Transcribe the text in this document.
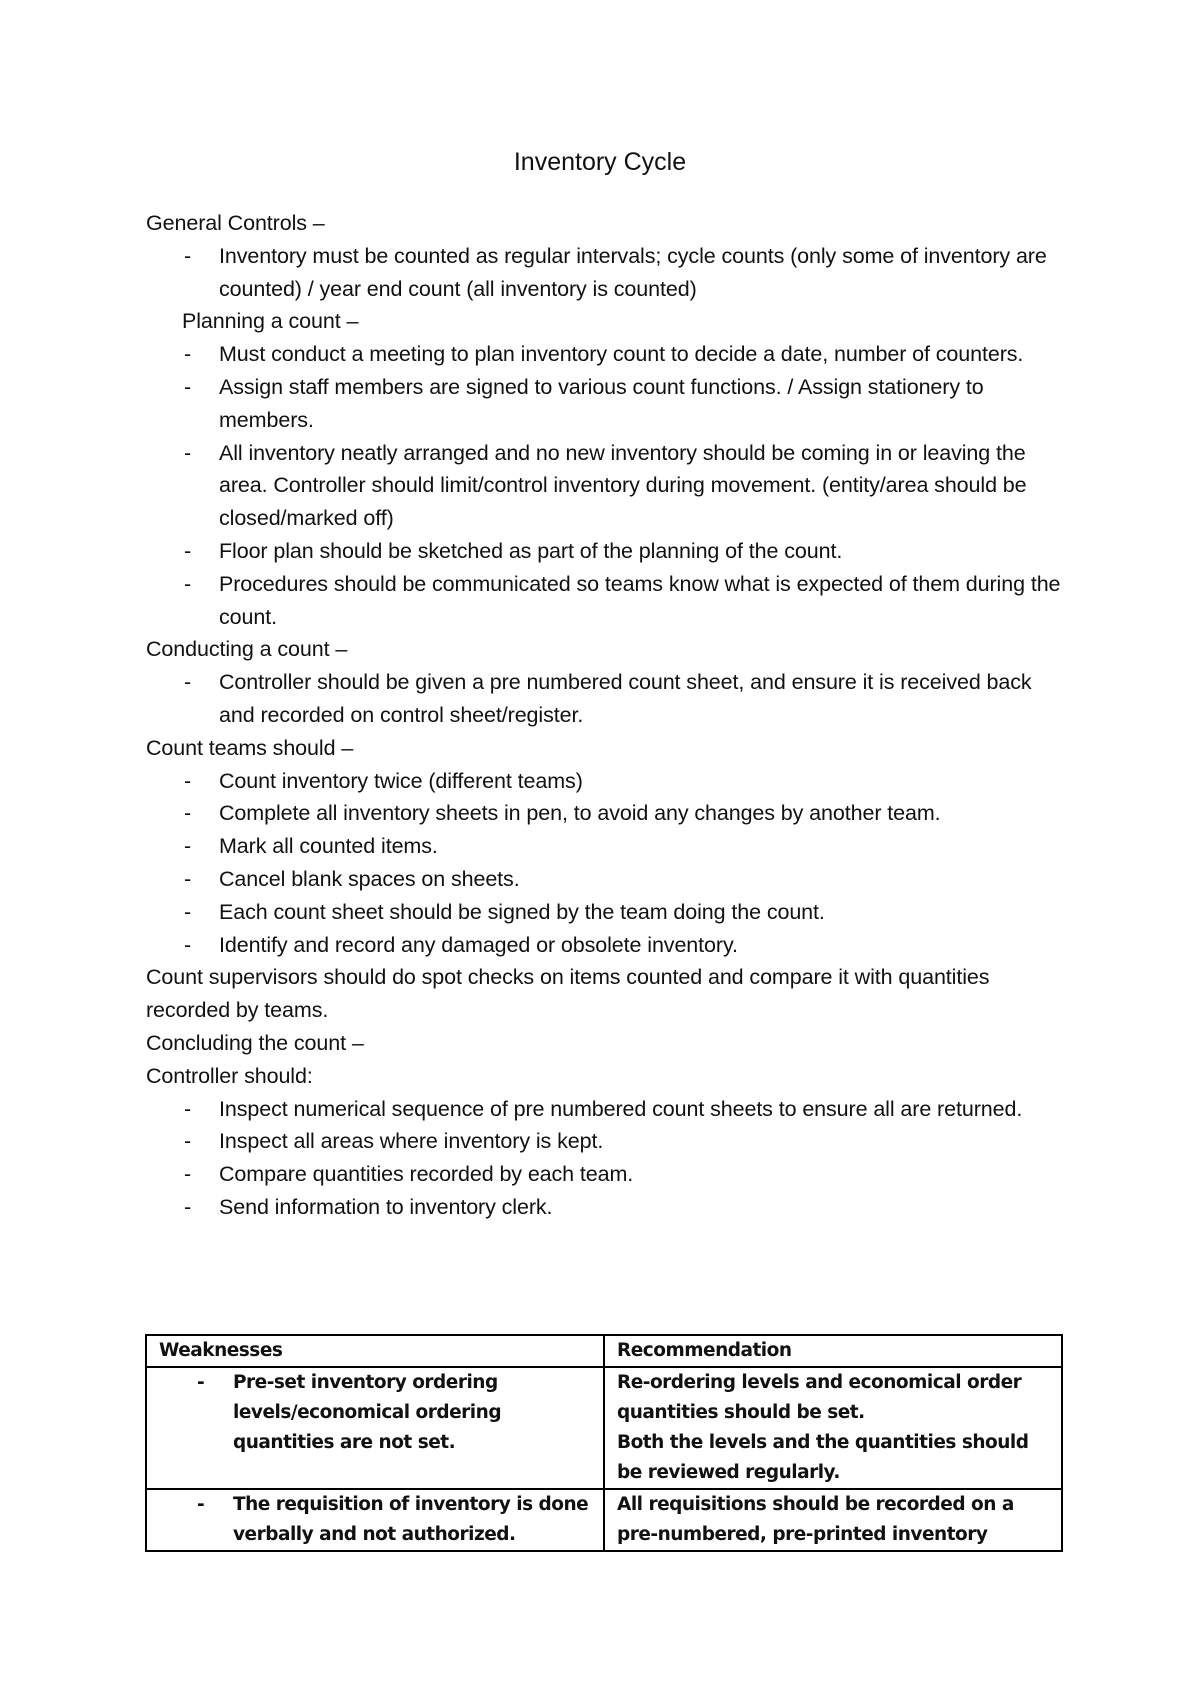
Inventory Cycle

General Controls –

- Inventory must be counted as regular intervals; cycle counts (only some of inventory are counted) / year end count (all inventory is counted)

Planning a count –

- Must conduct a meeting to plan inventory count to decide a date, number of counters.
- Assign staff members are signed to various count functions. / Assign stationery to members.
- All inventory neatly arranged and no new inventory should be coming in or leaving the area. Controller should limit/control inventory during movement. (entity/area should be closed/marked off)
- Floor plan should be sketched as part of the planning of the count.
- Procedures should be communicated so teams know what is expected of them during the count.

Conducting a count –

- Controller should be given a pre numbered count sheet, and ensure it is received back and recorded on control sheet/register.

Count teams should –

- Count inventory twice (different teams)
- Complete all inventory sheets in pen, to avoid any changes by another team.
- Mark all counted items.
- Cancel blank spaces on sheets.
- Each count sheet should be signed by the team doing the count.
- Identify and record any damaged or obsolete inventory.

Count supervisors should do spot checks on items counted and compare it with quantities recorded by teams.

Concluding the count –

Controller should:

- Inspect numerical sequence of pre numbered count sheets to ensure all are returned.
- Inspect all areas where inventory is kept.
- Compare quantities recorded by each team.
- Send information to inventory clerk.
Weaknesses	Recommendation

- Pre-set inventory ordering levels/economical ordering quantities are not set.	Re-ordering levels and economical order quantities should be set.
Both the levels and the quantities should be reviewed regularly.

- The requisition of inventory is done verbally and not authorized.	All requisitions should be recorded on a pre-numbered, pre-printed inventory
